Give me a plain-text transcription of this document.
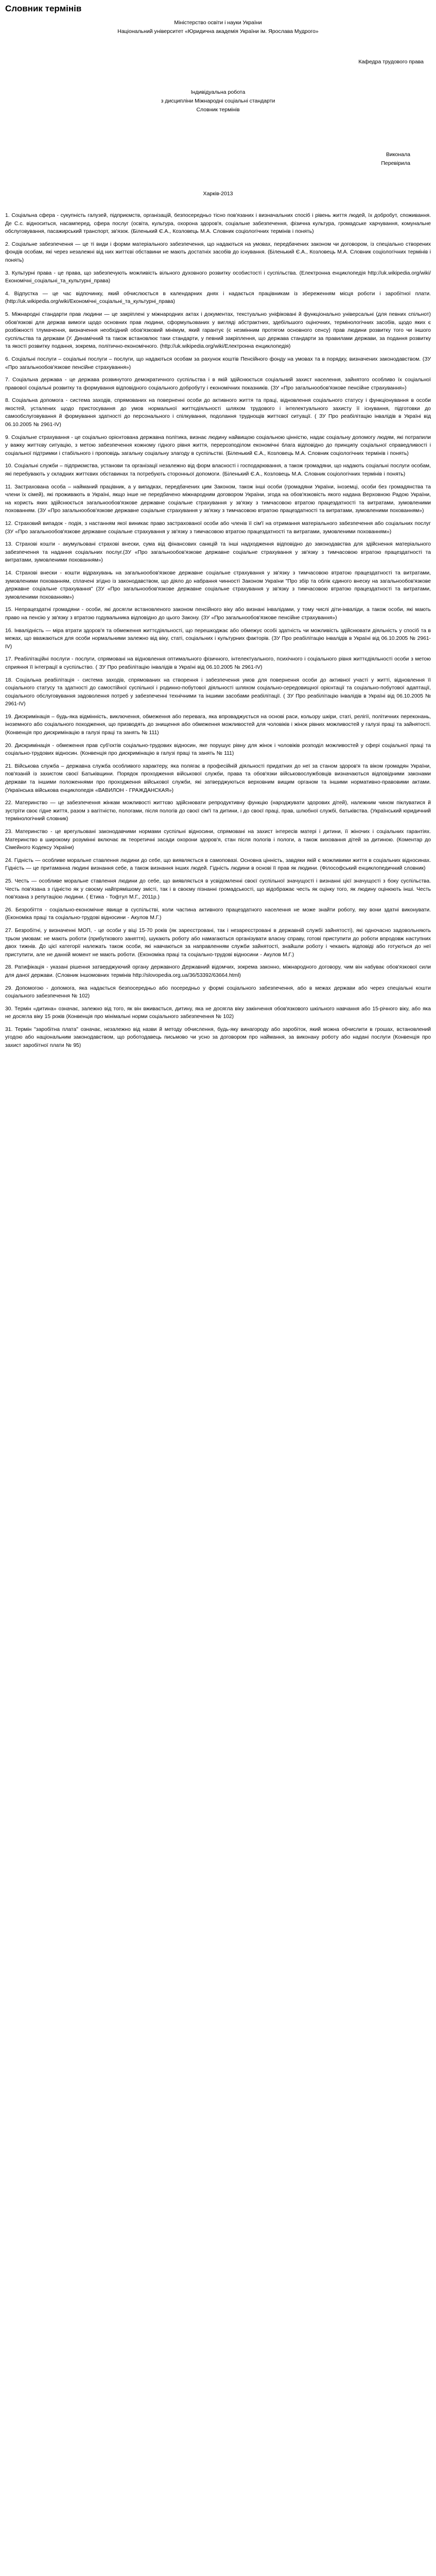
Словник термінів
Міністерство освіти і науки України
Національний університет «Юридична академія України ім. Ярослава Мудрого»
Кафедра трудового права
Індивідуальна робота
з дисципліни Міжнародні соціальні стандарти
Словник термінів
Виконала
Перевірила
Харків-2013

1. Соціальна сфера - сукупність галузей, підприємств, організацій, безпосередньо тісно пов'язаних і визначальних спосіб і рівень життя людей, їх добробут, споживання. Де С.с. відноситься, насамперед, сфера послуг (освіта, культура, охорона здоров'я, соціальне забезпечення, фізична культура, громадське харчування, комунальне обслуговування, пасажирський транспорт, зв'язок. (Біленький Є.А., Козловець М.А. Словник соціологічних термінів і понять)

2. Соціальне забезпечення — це ті види і форми матеріального забезпечення, що надаються на умовах, передбачених законом чи договором, із спеціально створених фондів особам, які через незалежні від них життєві обставини не мають достатніх засобів до існування. (Біленький Є.А., Козловець М.А. Словник соціологічних термінів і понять)

3. Культурні права - це права, що забезпечують можливість вільного духовного розвитку особистості і суспільства. (Електронна енциклопедія http://uk.wikipedia.org/wiki/Економічні_соціальні_та_культурні_права)

4. Відпустка — це час відпочинку, який обчислюється в календарних днях і надається працівникам із збереженням місця роботи і заробітної плати. (http://uk.wikipedia.org/wiki/Економічні_соціальні_та_культурні_права)

5. Міжнародні стандарти прав людини — це закріплені у міжнародних актах і документах, текстуально уніфіковані й функціонально універсальні (для певних спільнот) обов'язкові для держав вимоги щодо основних прав людини, сформульованих у вигляді абстрактних, здебільшого оціночних, термінологічних засобів, щодо яких є розбіжності тлумачення, визначення необхідний обов'язковий мінімум, який гарантує (є незмінним протягом основного сенсу) прав людини розвитку того чи іншого суспільства та держави (У. Динамічний та також встановлює таки стандарти, у певний закріплення, що держава стандарти за правилами держави, за подання розвитку та якості розвитку подання, зокрема, політично-економічного. (http://uk.wikipedia.org/wiki/Електронна енциклопедія)

6. Соціальні послуги – соціальні послуги – послуги, що надаються особам за рахунок коштів Пенсійного фонду на умовах та в порядку, визначених законодавством. (ЗУ «Про загальнообов'язкове пенсійне страхування»)

7. Соціальна держава - це держава розвинутого демократичного суспільства і в якій здійснюється соціальний захист населення, зайнятого особливо їх соціальної правової соціальні розвитку та формування відповідного соціального добробуту і економічних показників. (ЗУ «Про загальнообов'язкове пенсійне страхування»)

8. Соціальна допомога - система заходів, спрямованих на поверненні особи до активного життя та праці, відновлення соціального статусу і функціонування в особи якостей, усталених щодо пристосування до умов нормальної життєдіяльності шляхом трудового і інтелектуального захисту її існування, підготовки до самообслуговування й формування здатності до персонального і спілкування, подолання труднощів життєвої ситуації. ( ЗУ Про реабілітацію інвалідів в Україні від 06.10.2005 № 2961-IV)

9. Соціальне страхування - це соціально орієнтована державна політика, визнає людину найвищою соціальною цінністю, надає соціальну допомогу людям, які потрапили у важку життєву ситуацію, з метою забезпечення кожному гідного рівня життя, перерозподілом економічні блага відповідно до принципу соціальної справедливості і соціальної підтримки і стабільного і проповідь загальну соціальну злагоду в суспільстві. (Біленький Є.А., Козловець М.А. Словник соціологічних термінів і понять)

10. Соціальні служби – підприємства, установи та організації незалежно від форм власності і господарювання, а також громадяни, що надають соціальні послуги особам, які перебувають у складних життєвих обставинах та потребують сторонньої допомоги. (Біленький Є.А., Козловець М.А. Словник соціологічних термінів і понять)

11. Застрахована особа – найманий працівник, а у випадках, передбачених цим Законом, також інші особи (громадяни України, іноземці, особи без громадянства та члени їх сімей), які проживають в Україні, якщо інше не передбачено міжнародним договором України, згода на обов'язковість якого надана Верховною Радою України, на користь яких здійснюється загальнообов'язкове державне соціальне страхування у зв'язку з тимчасовою втратою працездатності та витратами, зумовленими похованням. (ЗУ «Про загальнообов'язкове державне соціальне страхування у зв'язку з тимчасовою втратою працездатності та витратами, зумовленими похованням»)

12. Страховий випадок - подія, з настанням якої виникає право застрахованої особи або членів її сім'ї на отримання матеріального забезпечення або соціальних послуг (ЗУ «Про загальнообов'язкове державне соціальне страхування у зв'язку з тимчасовою втратою працездатності та витратами, зумовленими похованням»)

13. Страхові кошти - акумульовані страхові внески, сума від фінансових санкцій та інші надходження відповідно до законодавства для здійснення матеріального забезпечення та надання соціальних послуг.(ЗУ «Про загальнообов'язкове державне соціальне страхування у зв'язку з тимчасовою втратою працездатності та витратами, зумовленими похованням»)

14. Страхові внески - кошти відрахувань на загальнообов'язкове державне соціальне страхування у зв'язку з тимчасовою втратою працездатності та витратами, зумовленими похованням, сплачені згідно із законодавством, що діяло до набрання чинності Законом України "Про збір та облік єдиного внеску на загальнообов'язкове державне соціальне страхування" (ЗУ «Про загальнообов'язкове державне соціальне страхування у зв'язку з тимчасовою втратою працездатності та витратами, зумовленими похованням»)

15. Непрацездатні громадяни - особи, які досягли встановленого законом пенсійного віку або визнані інвалідами, у тому числі діти-інваліди, а також особи, які мають право на пенсію у зв'язку з втратою годувальника відповідно до цього Закону. (ЗУ «Про загальнообов'язкове пенсійне страхування»)

16. Інвалідність — міра втрати здоров'я та обмеження життєдіяльності, що перешкоджає або обмежує особі здатність чи можливість здійснювати діяльність у спосіб та в межах, що вважаються для особи нормальними залежно від віку, статі, соціальних і культурних факторів. (ЗУ Про реабілітацію інвалідів в Україні від 06.10.2005 № 2961-IV)

17. Реабілітаційні послуги - послуги, спрямовані на відновлення оптимального фізичного, інтелектуального, психічного і соціального рівня життєдіяльності особи з метою сприяння її інтеграції в суспільство. ( ЗУ Про реабілітацію інвалідів в Україні від 06.10.2005 № 2961-IV)

18. Соціальна реабілітація - система заходів, спрямованих на створення і забезпечення умов для повернення особи до активної участі у житті, відновлення її соціального статусу та здатності до самостійної суспільної і родинно-побутової діяльності шляхом соціально-середовищної орієнтації та соціально-побутової адаптації, соціального обслуговування задоволення потреб у забезпеченні технічними та іншими засобами реабілітації. ( ЗУ Про реабілітацію інвалідів в Україні від 06.10.2005 № 2961-IV)

19. Дискримінація – будь-яка відмінність, виключення, обмеження або перевага, яка впроваджується на основі раси, кольору шкіри, статі, релігії, політичних переконань, іноземного або соціального походження, що призводять до знищення або обмеження можливостей для чоловіків і жінок рівних можливостей у галузі праці та зайнятості. (Конвенція про дискримінацію в галузі праці та занять № 111)

20. Дискримінація - обмеження прав суб'єктів соціально-трудових відносин, яке порушує рівну для жінок і чоловіків розподіл можливостей у сфері соціальної праці та соціально-трудових відносин. (Конвенція про дискримінацію в галузі праці та занять № 111)

21. Військова служба – державна служба особливого характеру, яка полягає в професійній діяльності придатних до неї за станом здоров'я та віком громадян України, пов'язаній із захистом своєї Батьківщини. Порядок проходження військової служби, права та обов'язки військовослужбовців визначаються відповідними законами держави та іншими положеннями про проходження військової служби, які затверджуються верховним вищим органом та іншими нормативно-правовими актами.(Українська військова енциклопедія «ВАВИЛОН - ГРАЖДАНСКАЯ»)

22. Материнство — це забезпечення жінкам можливості життєво здійснювати репродуктивну функцію (народжувати здорових дітей), належним чином піклуватися й зустріти своє гідне життя, разом з вагітністю, пологами, після пологів до своєї сім'ї та дитини, і до своєї праці, прав, шлюбної службі, батьківства. (Український юридичний термінологічний словник)

23. Материнство - це врегульовані законодавчими нормами суспільні відносини, спрямовані на захист інтересів матері і дитини, її жіночих і соціальних гарантіях. Материнство в широкому розумінні включає як теоретичні засади охорони здоров'я, стан після пологів і пологи, а також виховання дітей за дитиною. (Коментар до Сімейного Кодексу України)

24. Гідність — особливе моральне ставлення людини до себе, що виявляється в самоповазі. Основна цінність, завдяки якій є можливими життя в соціальних відносинах. Гідність — це притаманна людині визнання себе, а також визнання інших людей. Гідність людини в основі її прав як людини. (Філософський енциклопедичний словник)

25. Честь — особливе моральне ставлення людини до себе, що виявляється в усвідомленні своєї суспільної значущості і визнанні цієї значущості з боку суспільства. Честь пов'язана з гідністю як у своєму найпрямішому змісті, так і в своєму пізнанні громадськості, що відображає честь як оцінку того, як людину оцінюють інші. Честь пов'язана з репутацією людини. ( Етика - Тофтул М.Г., 2011р.)

26. Безробіття - соціально-економічне явище в суспільстві, коли частина активного працездатного населення не може знайти роботу, яку вони здатні виконувати. (Економіка праці та соціально-трудові відносини - Акулов М.Г.)

27. Безробітні, у визначенні МОП, - це особи у віці 15-70 років (як зареєстровані, так і незареєстровані в державній службі зайнятості), які одночасно задовольняють трьом умовам: не мають роботи (прибуткового заняття), шукають роботу або намагаються організувати власну справу, готові приступити до роботи впродовж наступних двох тижнів. До цієї категорії належать також особи, які навчаються за направленням служби зайнятості, знайшли роботу і чекають відповіді або готуються до неї приступити, але не данній момент не мають роботи. (Економіка праці та соціально-трудові відносини - Акулов М.Г.)

28. Ратифікація - указані рішення затверджуючий органу державного Державний відомчих, зокрема законно, міжнародного договору, чим він набуває обов'язкової сили для даної держави. (Словник іншомовних термінів http://slovopedia.org.ua/36/53392/63664.html)

29. Допомогою - допомога, яка надається безпосередньо або посередньо у формі соціального забезпечення, або в межах держави або через спеціальні кошти соціального забезпечення № 102)

30. Термін «дитина» означає, залежно від того, як він вживається, дитину, яка не досягла віку закінчення обов'язкового шкільного навчання або 15-річного віку, або яка не досягла віку 15 років (Конвенція про мінімальні норми соціального забезпечення № 102)

31. Термін "заробітна плата" означає, незалежно від назви й методу обчислення, будь-яку винагороду або заробіток, який можна обчислити в грошах, встановлений угодою або національним законодавством, що роботодавець письмово чи усно за договором про наймання, за виконану роботу або надані послуги (Конвенція про захист заробітної плати № 95)
